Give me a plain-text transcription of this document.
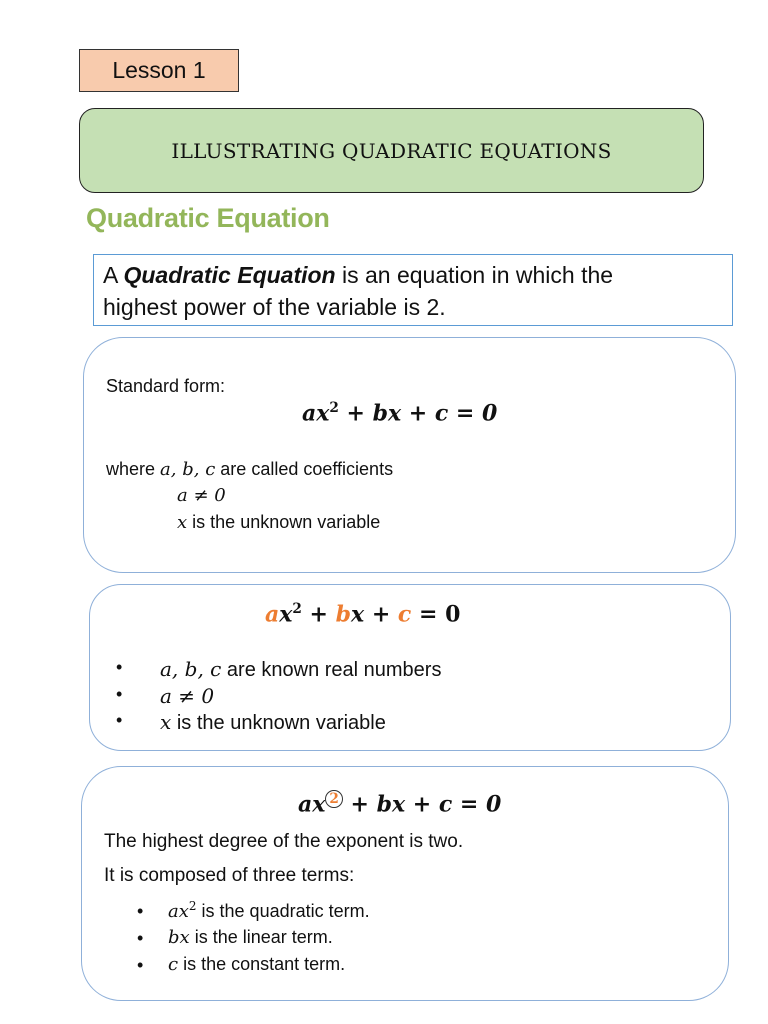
Lesson 1
ILLUSTRATING QUADRATIC EQUATIONS
Quadratic Equation
A Quadratic Equation is an equation in which the
highest power of the variable is 2.
Standard form:
$ax^2$ + bx + c = 0
where a, b, c are called coefficients
a ≠ 0
x is the unknown variable
$ax^2$ + bx + c = 0
• a, b, c are known real numbers
• a ≠ 0
• x is the unknown variable
ax $^2$ + bx + c = 0
The highest degree of the exponent is two.
It is composed of three terms:
• $ax^2$ is the quadratic term.
• bx is the linear term.
• c is the constant term.
